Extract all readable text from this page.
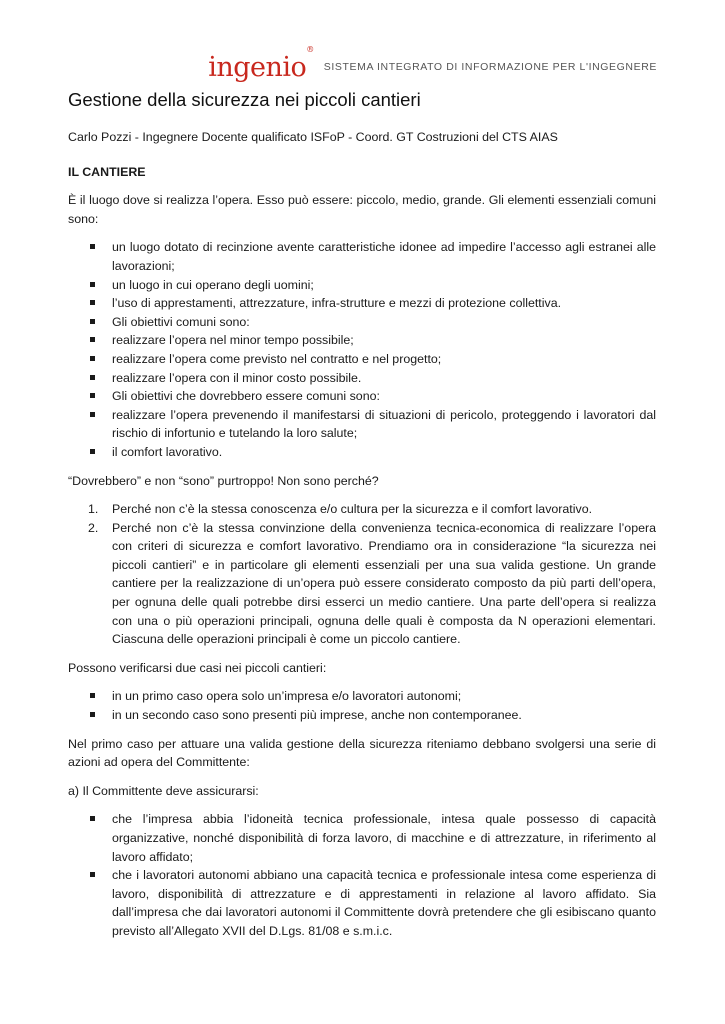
ingenio®
SISTEMA INTEGRATO DI INFORMAZIONE PER L'INGEGNERE
Gestione della sicurezza nei piccoli cantieri

Carlo Pozzi - Ingegnere Docente qualificato ISFoP - Coord. GT Costruzioni del CTS AIAS

IL CANTIERE

È il luogo dove si realizza l’opera. Esso può essere: piccolo, medio, grande. Gli elementi essenziali comuni sono:

un luogo dotato di recinzione avente caratteristiche idonee ad impedire l’accesso agli estranei alle lavorazioni;
un luogo in cui operano degli uomini;
l’uso di apprestamenti, attrezzature, infra-strutture e mezzi di protezione collettiva.
Gli obiettivi comuni sono:
realizzare l’opera nel minor tempo possibile;
realizzare l’opera come previsto nel contratto e nel progetto;
realizzare l’opera con il minor costo possibile.
Gli obiettivi che dovrebbero essere comuni sono:
realizzare l’opera prevenendo il manifestarsi di situazioni di pericolo, proteggendo i lavoratori dal rischio di infortunio e tutelando la loro salute;
il comfort lavorativo.

“Dovrebbero” e non “sono” purtroppo! Non sono perché?

1. Perché non c’è la stessa conoscenza e/o cultura per la sicurezza e il comfort lavorativo.
2. Perché non c’è la stessa convinzione della convenienza tecnica-economica di realizzare l’opera con criteri di sicurezza e comfort lavorativo. Prendiamo ora in considerazione “la sicurezza nei piccoli cantieri” e in particolare gli elementi essenziali per una sua valida gestione. Un grande cantiere per la realizzazione di un’opera può essere considerato composto da più parti dell’opera, per ognuna delle quali potrebbe dirsi esserci un medio cantiere. Una parte dell’opera si realizza con una o più operazioni principali, ognuna delle quali è composta da N operazioni elementari. Ciascuna delle operazioni principali è come un piccolo cantiere.

Possono verificarsi due casi nei piccoli cantieri:

in un primo caso opera solo un’impresa e/o lavoratori autonomi;
in un secondo caso sono presenti più imprese, anche non contemporanee.

Nel primo caso per attuare una valida gestione della sicurezza riteniamo debbano svolgersi una serie di azioni ad opera del Committente:

a) Il Committente deve assicurarsi:

che l’impresa abbia l’idoneità tecnica professionale, intesa quale possesso di capacità organizzative, nonché disponibilità di forza lavoro, di macchine e di attrezzature, in riferimento al lavoro affidato;
che i lavoratori autonomi abbiano una capacità tecnica e professionale intesa come esperienza di lavoro, disponibilità di attrezzature e di apprestamenti in relazione al lavoro affidato. Sia dall’impresa che dai lavoratori autonomi il Committente dovrà pretendere che gli esibiscano quanto previsto all’Allegato XVII del D.Lgs. 81/08 e s.m.i.c.
